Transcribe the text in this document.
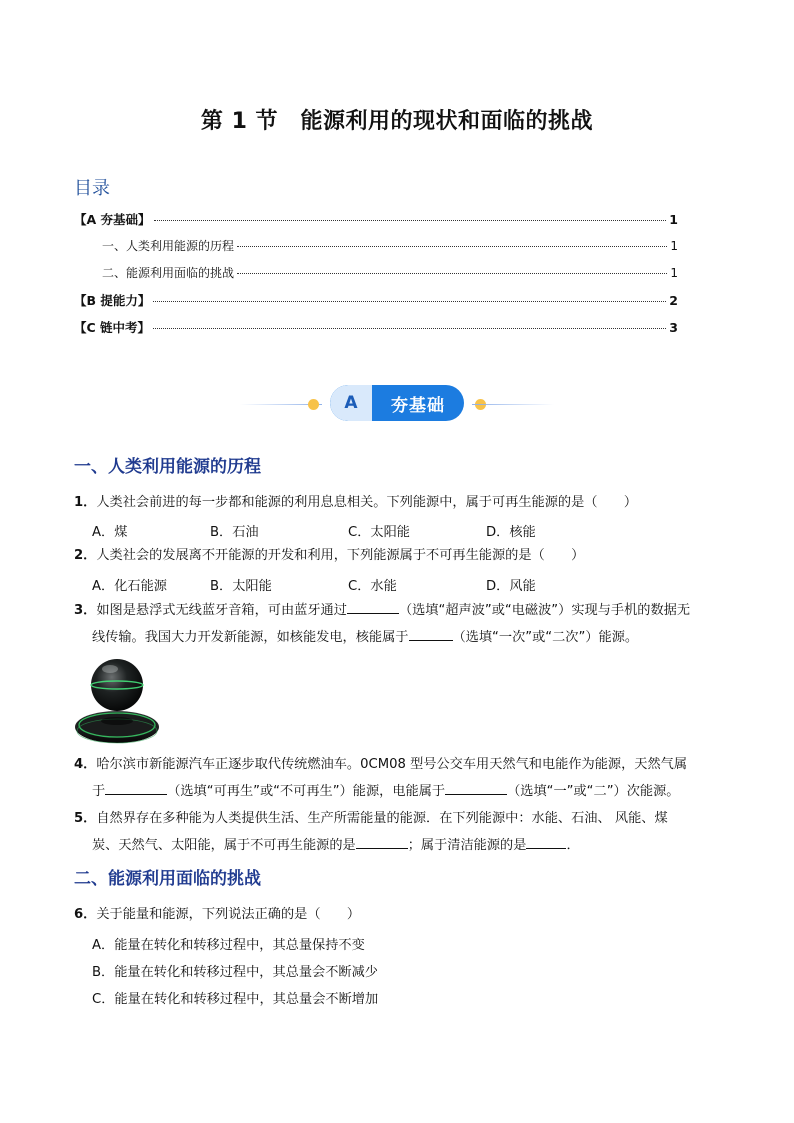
第 1 节　能源利用的现状和面临的挑战
目录
【A 夯基础】	1
一、人类利用能源的历程	1
二、能源利用面临的挑战	1
【B 提能力】	2
【C 链中考】	3
A	夯基础
一、人类利用能源的历程
1．人类社会前进的每一步都和能源的利用息息相关。下列能源中，属于可再生能源的是（　　）
A．煤	B．石油	C．太阳能	D．核能
2．人类社会的发展离不开能源的开发和利用，下列能源属于不可再生能源的是（　　）
A．化石能源	B．太阳能	C．水能	D．风能
3．如图是悬浮式无线蓝牙音箱，可由蓝牙通过	（选填“超声波”或“电磁波”）实现与手机的数据无
线传输。我国大力开发新能源，如核能发电，核能属于	（选填“一次”或“二次”）能源。
4．哈尔滨市新能源汽车正逐步取代传统燃油车。0CM08 型号公交车用天然气和电能作为能源，天然气属
于	（选填“可再生”或“不可再生”）能源，电能属于	（选填“一”或“二”）次能源。
5．自然界存在多种能为人类提供生活、生产所需能量的能源．在下列能源中：水能、石油、 风能、煤
炭、天然气、太阳能，属于不可再生能源的是	；属于清洁能源的是	．
二、能源利用面临的挑战
6．关于能量和能源，下列说法正确的是（　　）
A．能量在转化和转移过程中，其总量保持不变
B．能量在转化和转移过程中，其总量会不断减少
C．能量在转化和转移过程中，其总量会不断增加
